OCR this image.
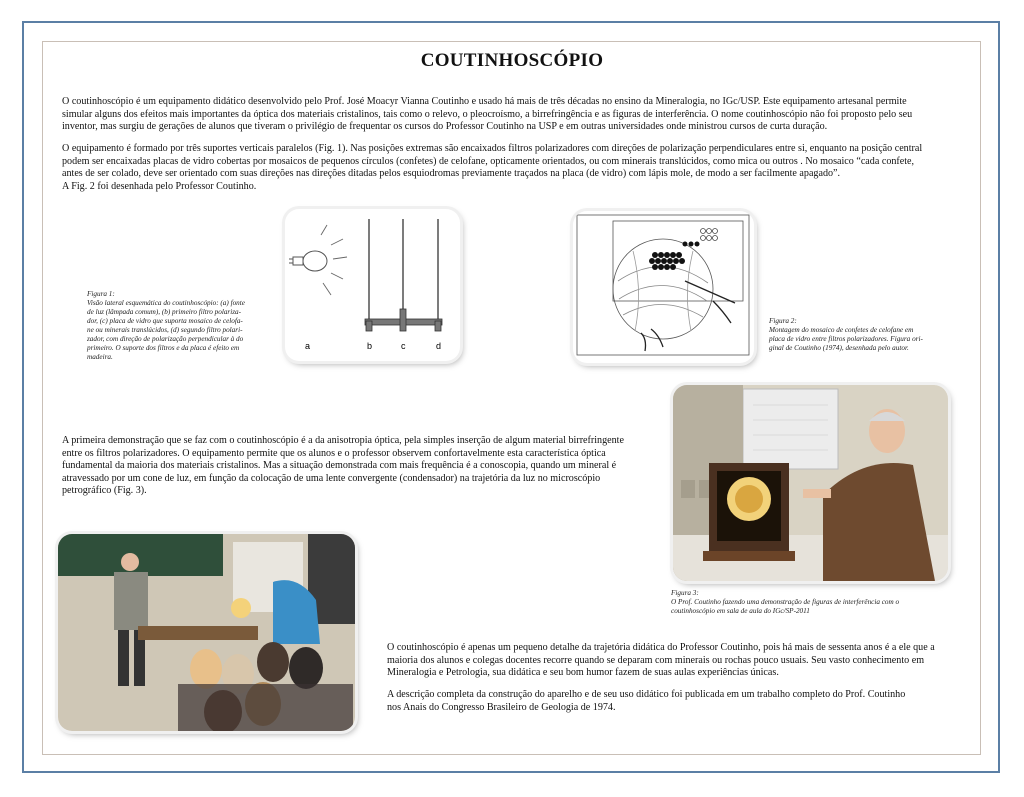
COUTINHOSCÓPIO
O coutinhoscópio é um equipamento didático desenvolvido pelo Prof. José Moacyr Vianna Coutinho e usado há mais de três décadas no ensino da Mineralogia, no IGc/USP. Este equipamento artesanal permite
simular alguns dos efeitos mais importantes da óptica dos materiais cristalinos, tais como o relevo, o pleocroísmo, a birrefringência e as figuras de interferência. O nome coutinhoscópio não foi proposto pelo seu
inventor, mas surgiu de gerações de alunos que tiveram o privilégio de frequentar os cursos do Professor Coutinho na USP e em outras universidades onde ministrou cursos de curta duração.
O equipamento é formado por três suportes verticais paralelos (Fig. 1). Nas posições extremas são encaixados filtros polarizadores com direções de polarização perpendiculares entre si, enquanto na posição central
podem ser encaixadas placas de vidro cobertas por mosaicos de pequenos círculos (confetes) de celofane, opticamente orientados, ou com minerais translúcidos, como mica ou outros . No mosaico “cada confete,
antes de ser colado, deve ser orientado com suas direções nas direções ditadas pelos esquiodromas previamente traçados na placa (de vidro) com lápis mole, de modo a ser facilmente apagado”.
A Fig. 2 foi desenhada pelo Professor Coutinho.
Figura 1:
Visão lateral esquemática do coutinhoscópio: (a) fonte
de luz (lâmpada comum), (b) primeiro filtro polariza-
dor, (c) placa de vidro que suporta mosaico de celofa-
ne ou minerais translúcidos, (d) segundo filtro polari-
zador, com direção de polarização perpendicular à do
primeiro. O suporte dos filtros e da placa é efeito em
madeira.
a	b	c	d
Figura 2:
Montagem do mosaico de confetes de celofane em
placa de vidro entre filtros polarizadores. Figura ori-
ginal de Coutinho (1974), desenhada pelo autor.
A primeira demonstração que se faz com o coutinhoscópio é a da anisotropia óptica, pela simples inserção de algum material birrefringente
entre os filtros polarizadores. O equipamento permite que os alunos e o professor observem confortavelmente esta característica óptica
fundamental da maioria dos materiais cristalinos. Mas a situação demonstrada com mais frequência é a conoscopia, quando um mineral é
atravessado por um cone de luz, em função da colocação de uma lente convergente (condensador) na trajetória da luz no microscópio
petrográfico (Fig. 3).
Figura 3:
O Prof. Coutinho fazendo uma demonstração de figuras de interferência com o
coutinhoscópio em sala de aula do IGc/SP-2011
O coutinhoscópio é apenas um pequeno detalhe da trajetória didática do Professor Coutinho, pois há mais de sessenta anos é a ele que a
maioria dos alunos e colegas docentes recorre quando se deparam com minerais ou rochas pouco usuais. Seu vasto conhecimento em
Mineralogia e Petrologia, sua didática e seu bom humor fazem de suas aulas experiências únicas.
A descrição completa da construção do aparelho e de seu uso didático foi publicada em um trabalho completo do Prof. Coutinho
nos Anais do Congresso Brasileiro de Geologia de 1974.
